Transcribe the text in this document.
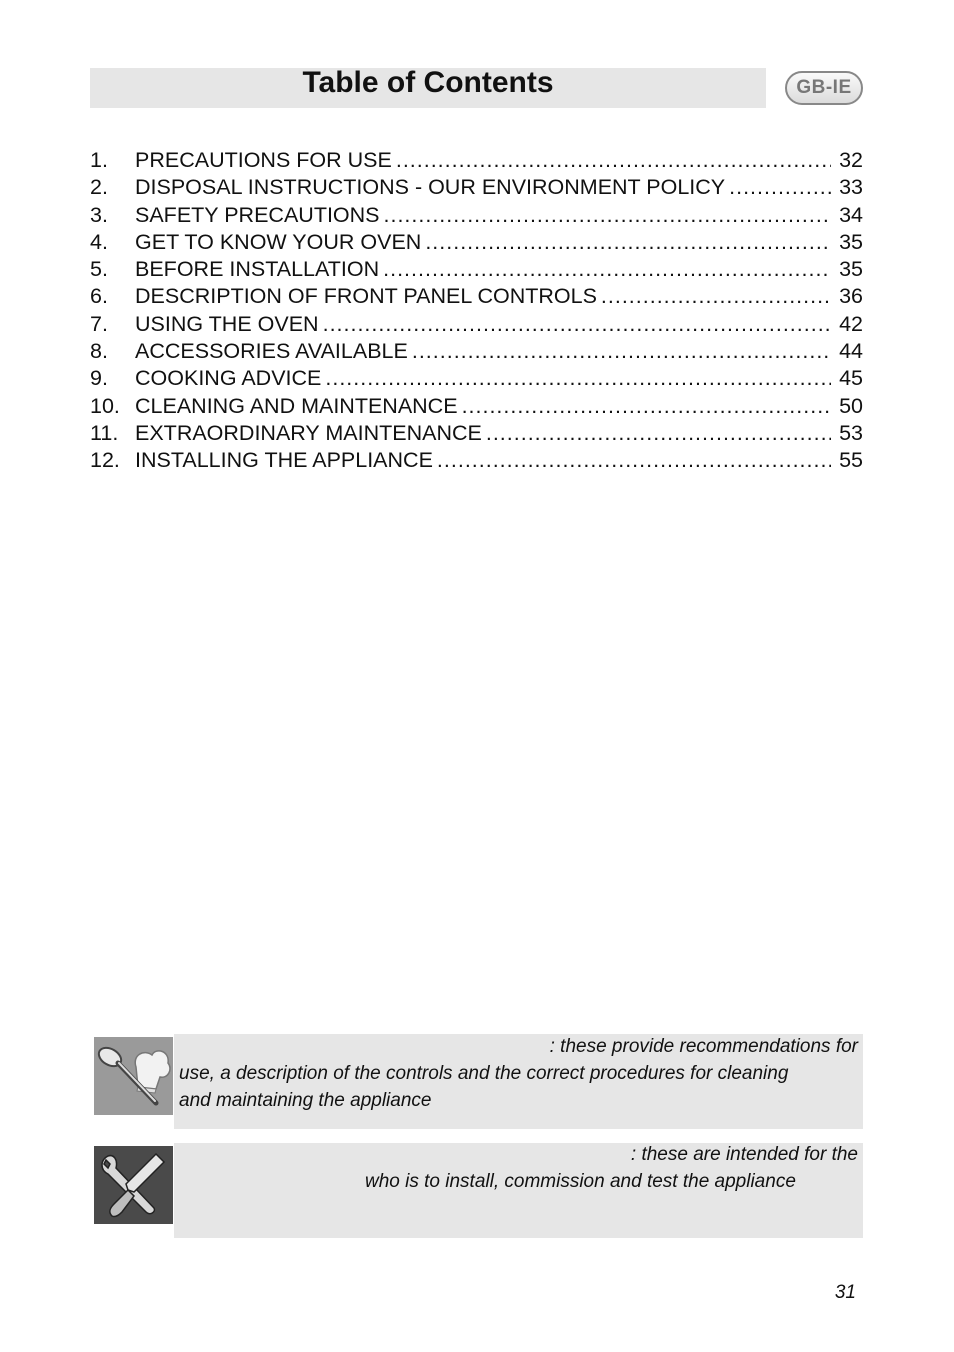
Table of Contents	GB-IE
1.	PRECAUTIONS FOR USE .....	32
2.	DISPOSAL INSTRUCTIONS - OUR ENVIRONMENT POLICY .....	33
3.	SAFETY PRECAUTIONS .....	34
4.	GET TO KNOW YOUR OVEN .....	35
5.	BEFORE INSTALLATION .....	35
6.	DESCRIPTION OF FRONT PANEL CONTROLS .....	36
7.	USING THE OVEN .....	42
8.	ACCESSORIES AVAILABLE .....	44
9.	COOKING ADVICE .....	45
10. CLEANING AND MAINTENANCE .....	50
11. EXTRAORDINARY MAINTENANCE .....	53
12. INSTALLING THE APPLIANCE .....	55
: these provide recommendations for
use, a description of the controls and the correct procedures for cleaning
and maintaining the appliance
: these are intended for the
who is to install, commission and test the appliance
31
